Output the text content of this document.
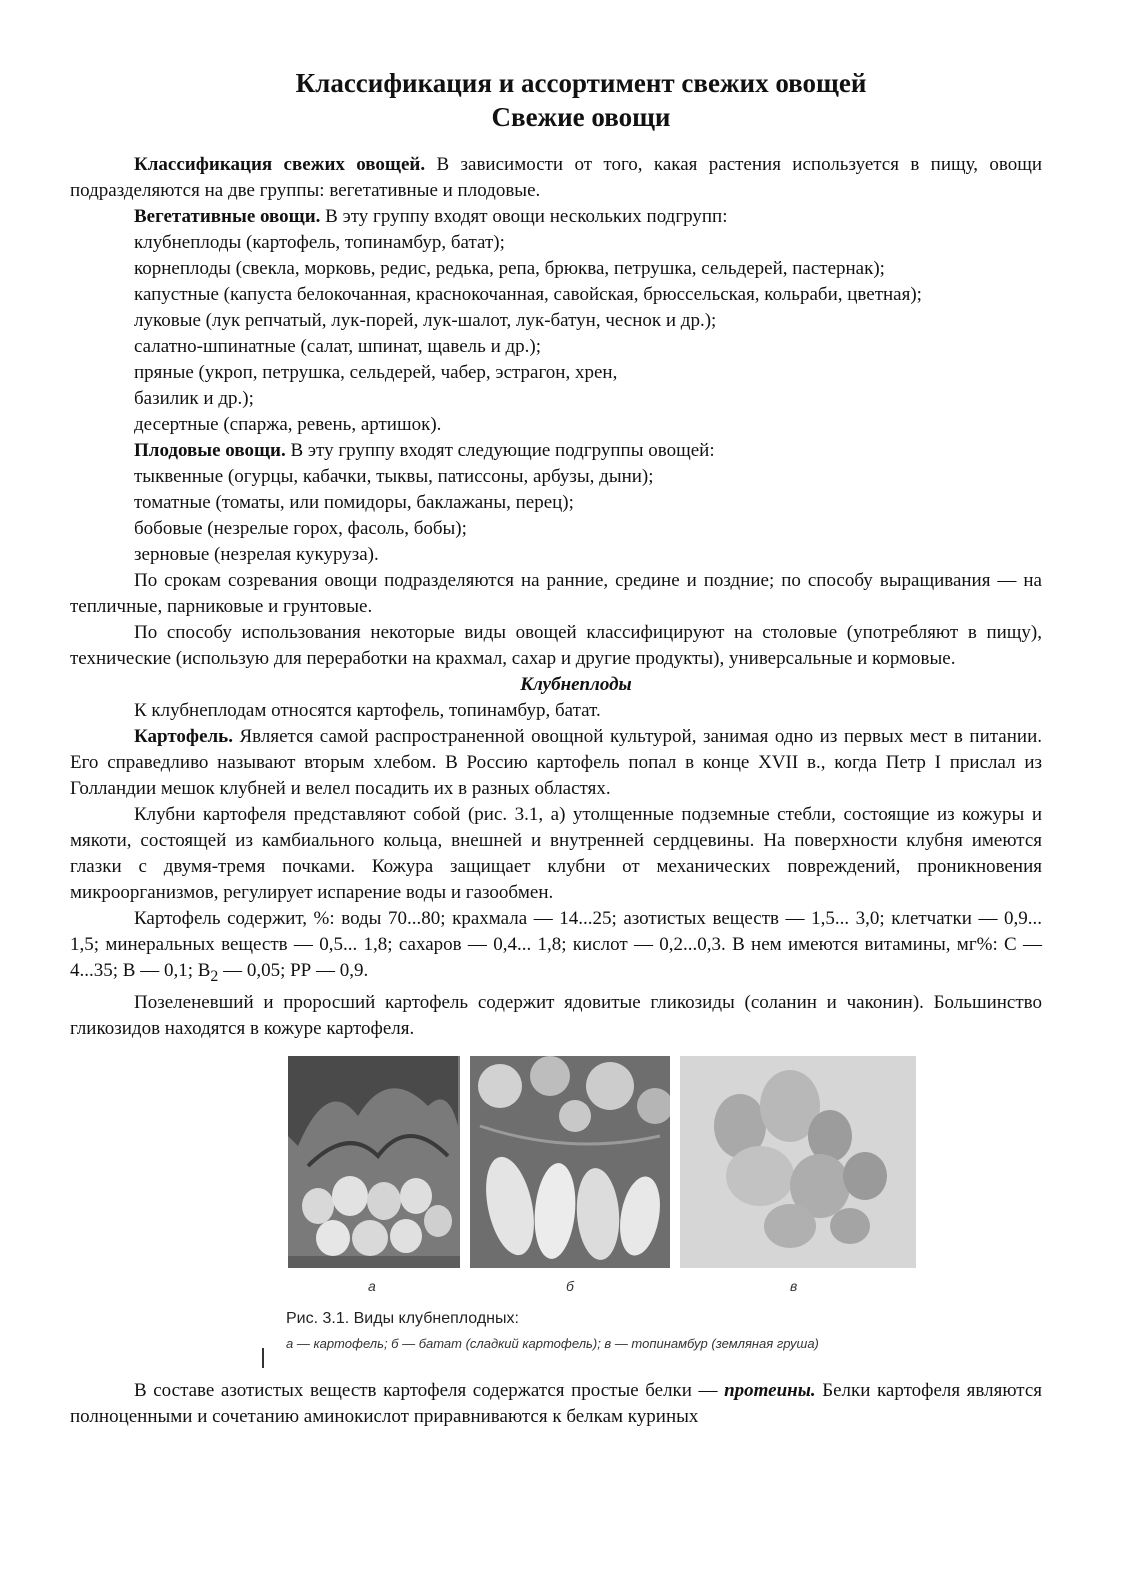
Классификация и ассортимент свежих овощей
Свежие овощи

Классификация свежих овощей. В зависимости от того, какая растения используется в пищу, овощи подразделяются на две группы: вегетативные и плодовые.

Вегетативные овощи. В эту группу входят овощи нескольких подгрупп:

клубнеплоды (картофель, топинамбур, батат);

корнеплоды (свекла, морковь, редис, редька, репа, брюква, петрушка, сельдерей, пастернак);

капустные (капуста белокочанная, краснокочанная, савойская, брюссельская, кольраби, цветная);

луковые (лук репчатый, лук-порей, лук-шалот, лук-батун, чеснок и др.);

салатно-шпинатные (салат, шпинат, щавель и др.);

пряные (укроп, петрушка, сельдерей, чабер, эстрагон, хрен,

базилик и др.);

десертные (спаржа, ревень, артишок).

Плодовые овощи. В эту группу входят следующие подгруппы овощей:

тыквенные (огурцы, кабачки, тыквы, патиссоны, арбузы, дыни);

томатные (томаты, или помидоры, баклажаны, перец);

бобовые (незрелые горох, фасоль, бобы);

зерновые (незрелая кукуруза).

По срокам созревания овощи подразделяются на ранние, средине и поздние; по способу выращивания — на тепличные, парниковые и грунтовые.

По способу использования некоторые виды овощей классифицируют на столовые (употребляют в пищу), технические (использую для переработки на крахмал, сахар и другие продукты), универсальные и кормовые.

Клубнеплоды

К клубнеплодам относятся картофель, топинамбур, батат.

Картофель. Является самой распространенной овощной культурой, занимая одно из первых мест в питании. Его справедливо называют вторым хлебом. В Россию картофель попал в конце XVII в., когда Петр I прислал из Голландии мешок клубней и велел посадить их в разных областях.

Клубни картофеля представляют собой (рис. 3.1, а) утолщенные подземные стебли, состоящие из кожуры и мякоти, состоящей из камбиального кольца, внешней и внутренней сердцевины. На поверхности клубня имеются глазки с двумя-тремя почками. Кожура защищает клубни от механических повреждений, проникновения микроорганизмов, регулирует испарение воды и газообмен.

Картофель содержит, %: воды 70...80; крахмала — 14...25; азотистых веществ — 1,5... 3,0; клетчатки — 0,9... 1,5; минеральных веществ — 0,5... 1,8; сахаров — 0,4... 1,8; кислот — 0,2...0,3. В нем имеются витамины, мг%: С — 4...35; В — 0,1; $В_2$ — 0,05; РР — 0,9.

Позеленевший и проросший картофель содержит ядовитые гликозиды (соланин и чаконин). Большинство гликозидов находятся в кожуре картофеля.

а	б	в
Рис. 3.1. Виды клубнеплодных:
а — картофель; б — батат (сладкий картофель); в — топинамбур (земляная груша)

В составе азотистых веществ картофеля содержатся простые белки — протеины. Белки картофеля являются полноценными и сочетанию аминокислот приравниваются к белкам куриных
